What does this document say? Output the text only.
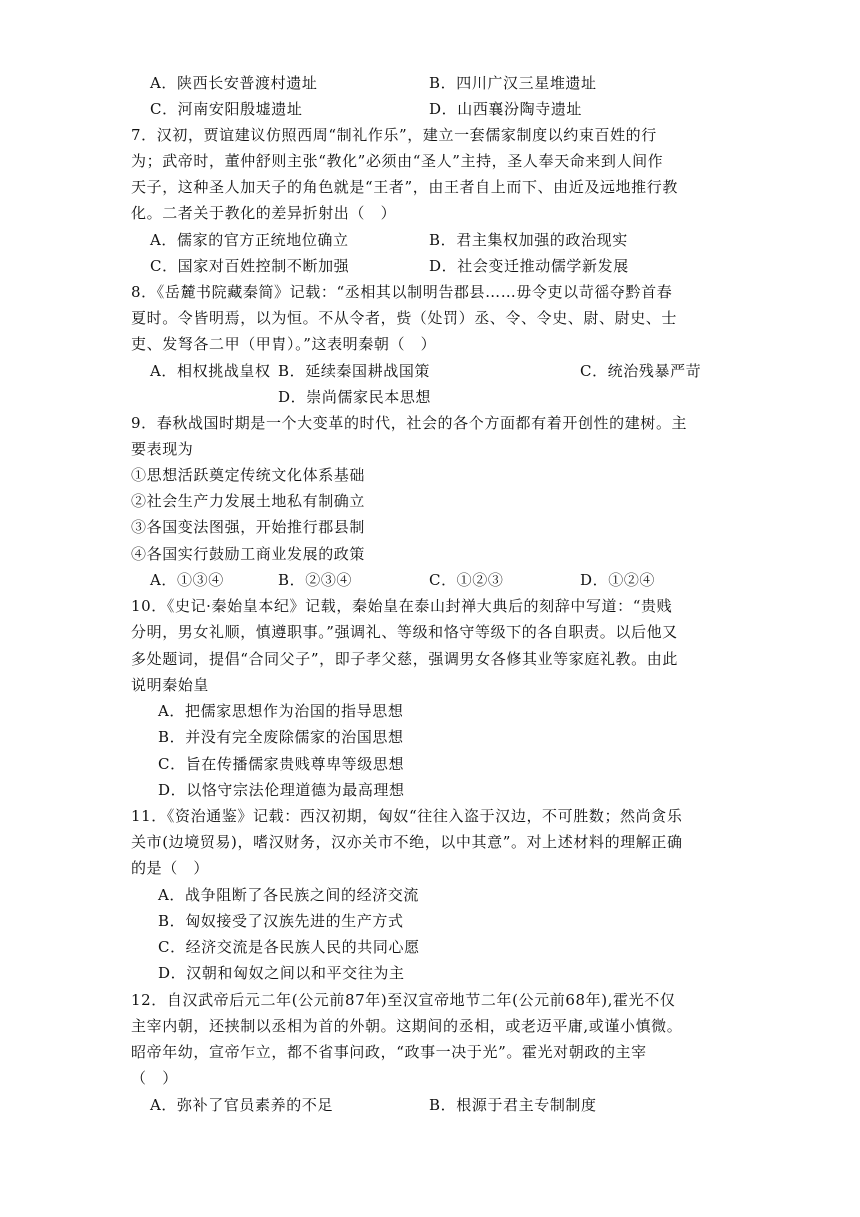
A．陕西长安普渡村遗址	B．四川广汉三星堆遗址
C．河南安阳殷墟遗址	D．山西襄汾陶寺遗址
7．汉初，贾谊建议仿照西周“制礼作乐”，建立一套儒家制度以约束百姓的行
为；武帝时，董仲舒则主张“教化”必须由“圣人”主持，圣人奉天命来到人间作
天子，这种圣人加天子的角色就是“王者”，由王者自上而下、由近及远地推行教
化。二者关于教化的差异折射出（　）
A．儒家的官方正统地位确立	B．君主集权加强的政治现实
C．国家对百姓控制不断加强	D．社会变迁推动儒学新发展
8．《岳麓书院藏秦简》记载：“丞相其以制明告郡县……毋令吏以苛徭夺黔首春
夏时。令皆明焉，以为恒。不从令者，赀（处罚）丞、令、令史、尉、尉史、士
吏、发弩各二甲（甲胄）。”这表明秦朝（　）
A．相权挑战皇权 B．延续秦国耕战国策	C．统治残暴严苛
D．崇尚儒家民本思想
9．春秋战国时期是一个大变革的时代，社会的各个方面都有着开创性的建树。主
要表现为
①思想活跃奠定传统文化体系基础
②社会生产力发展土地私有制确立
③各国变法图强，开始推行郡县制
④各国实行鼓励工商业发展的政策
A．①③④	B．②③④	C．①②③	D．①②④
10．《史记·秦始皇本纪》记载，秦始皇在泰山封禅大典后的刻辞中写道：“贵贱
分明，男女礼顺，慎遵职事。”强调礼、等级和恪守等级下的各自职责。以后他又
多处题词，提倡“合同父子”，即子孝父慈，强调男女各修其业等家庭礼教。由此
说明秦始皇
A．把儒家思想作为治国的指导思想
B．并没有完全废除儒家的治国思想
C．旨在传播儒家贵贱尊卑等级思想
D．以恪守宗法伦理道德为最高理想
11．《资治通鉴》记载：西汉初期，匈奴“往往入盗于汉边，不可胜数；然尚贪乐
关市(边境贸易)，嗜汉财务，汉亦关市不绝，以中其意”。对上述材料的理解正确
的是（　）
A．战争阻断了各民族之间的经济交流
B．匈奴接受了汉族先进的生产方式
C．经济交流是各民族人民的共同心愿
D．汉朝和匈奴之间以和平交往为主
12．自汉武帝后元二年(公元前87年)至汉宣帝地节二年(公元前68年),霍光不仅
主宰内朝，还挟制以丞相为首的外朝。这期间的丞相，或老迈平庸,或谨小慎微。
昭帝年幼，宣帝乍立，都不省事问政，“政事一决于光”。霍光对朝政的主宰
（　）
A．弥补了官员素养的不足	B．根源于君主专制制度
